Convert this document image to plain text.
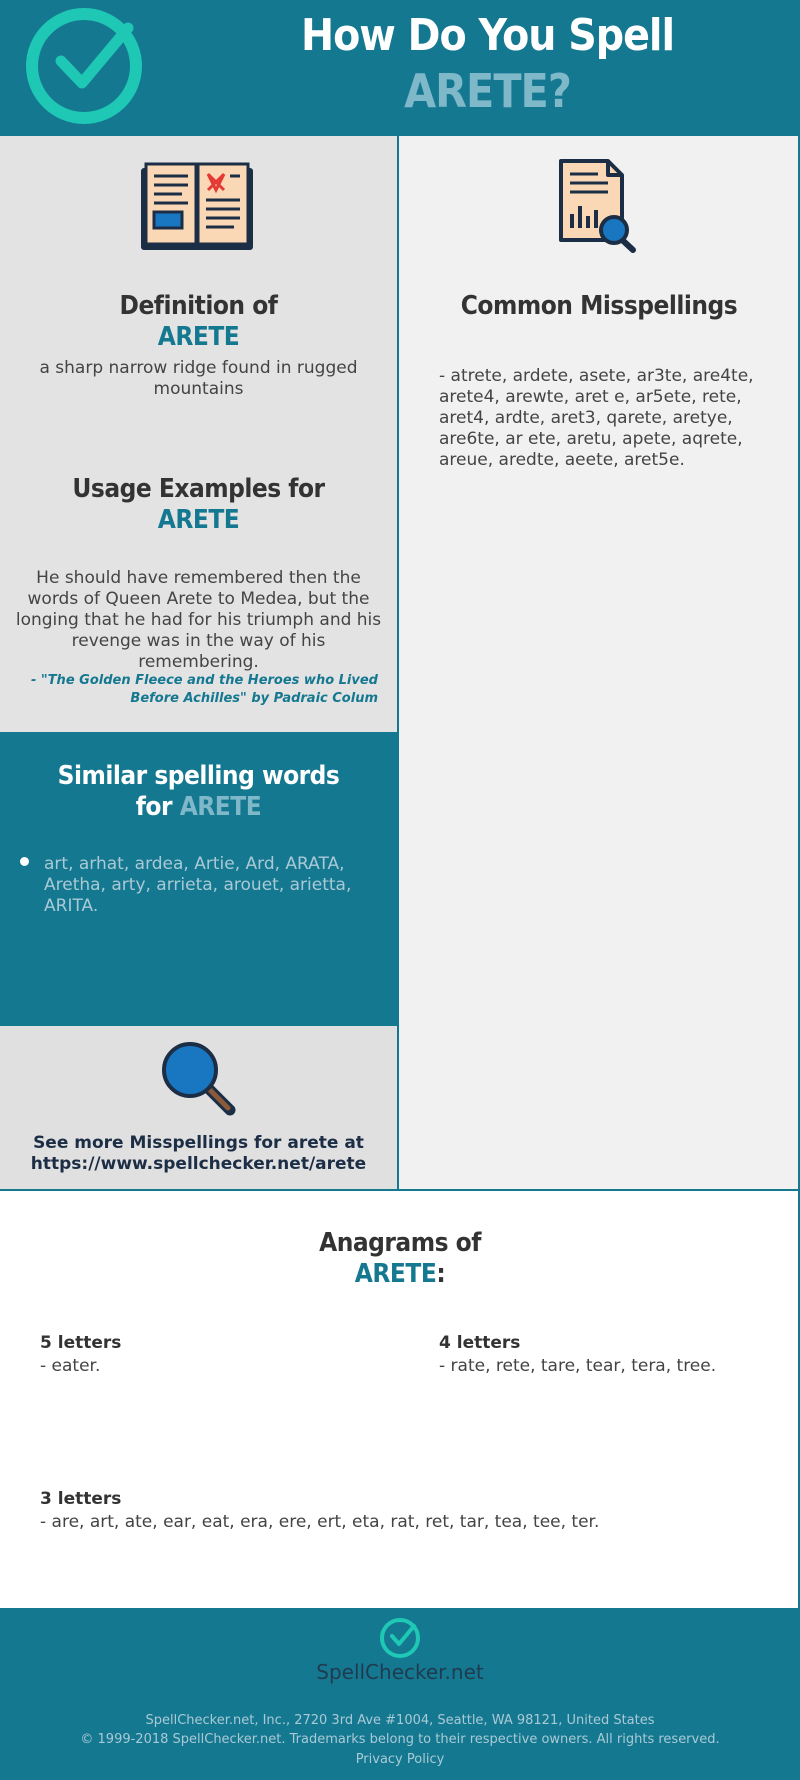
How Do You Spell
ARETE?
Definition of
ARETE
a sharp narrow ridge found in rugged mountains
Usage Examples for
ARETE
He should have remembered then the words of Queen Arete to Medea, but the longing that he had for his triumph and his revenge was in the way of his remembering.
- "The Golden Fleece and the Heroes who Lived Before Achilles" by Padraic Colum
Similar spelling words
for ARETE
art, arhat, ardea, Artie, Ard, ARATA, Aretha, arty, arrieta, arouet, arietta, ARITA.
See more Misspellings for arete at
https://www.spellchecker.net/arete
Common Misspellings
- atrete, ardete, asete, ar3te, are4te, arete4, arewte, aret e, ar5ete, rete, aret4, ardte, aret3, qarete, aretye, are6te, ar ete, aretu, apete, aqrete, areue, aredte, aeete, aret5e.
Anagrams of
ARETE:
5 letters
- eater.
4 letters
- rate, rete, tare, tear, tera, tree.
3 letters
- are, art, ate, ear, eat, era, ere, ert, eta, rat, ret, tar, tea, tee, ter.
SpellChecker.net
SpellChecker.net, Inc., 2720 3rd Ave #1004, Seattle, WA 98121, United States
© 1999-2018 SpellChecker.net. Trademarks belong to their respective owners. All rights reserved.
Privacy Policy
